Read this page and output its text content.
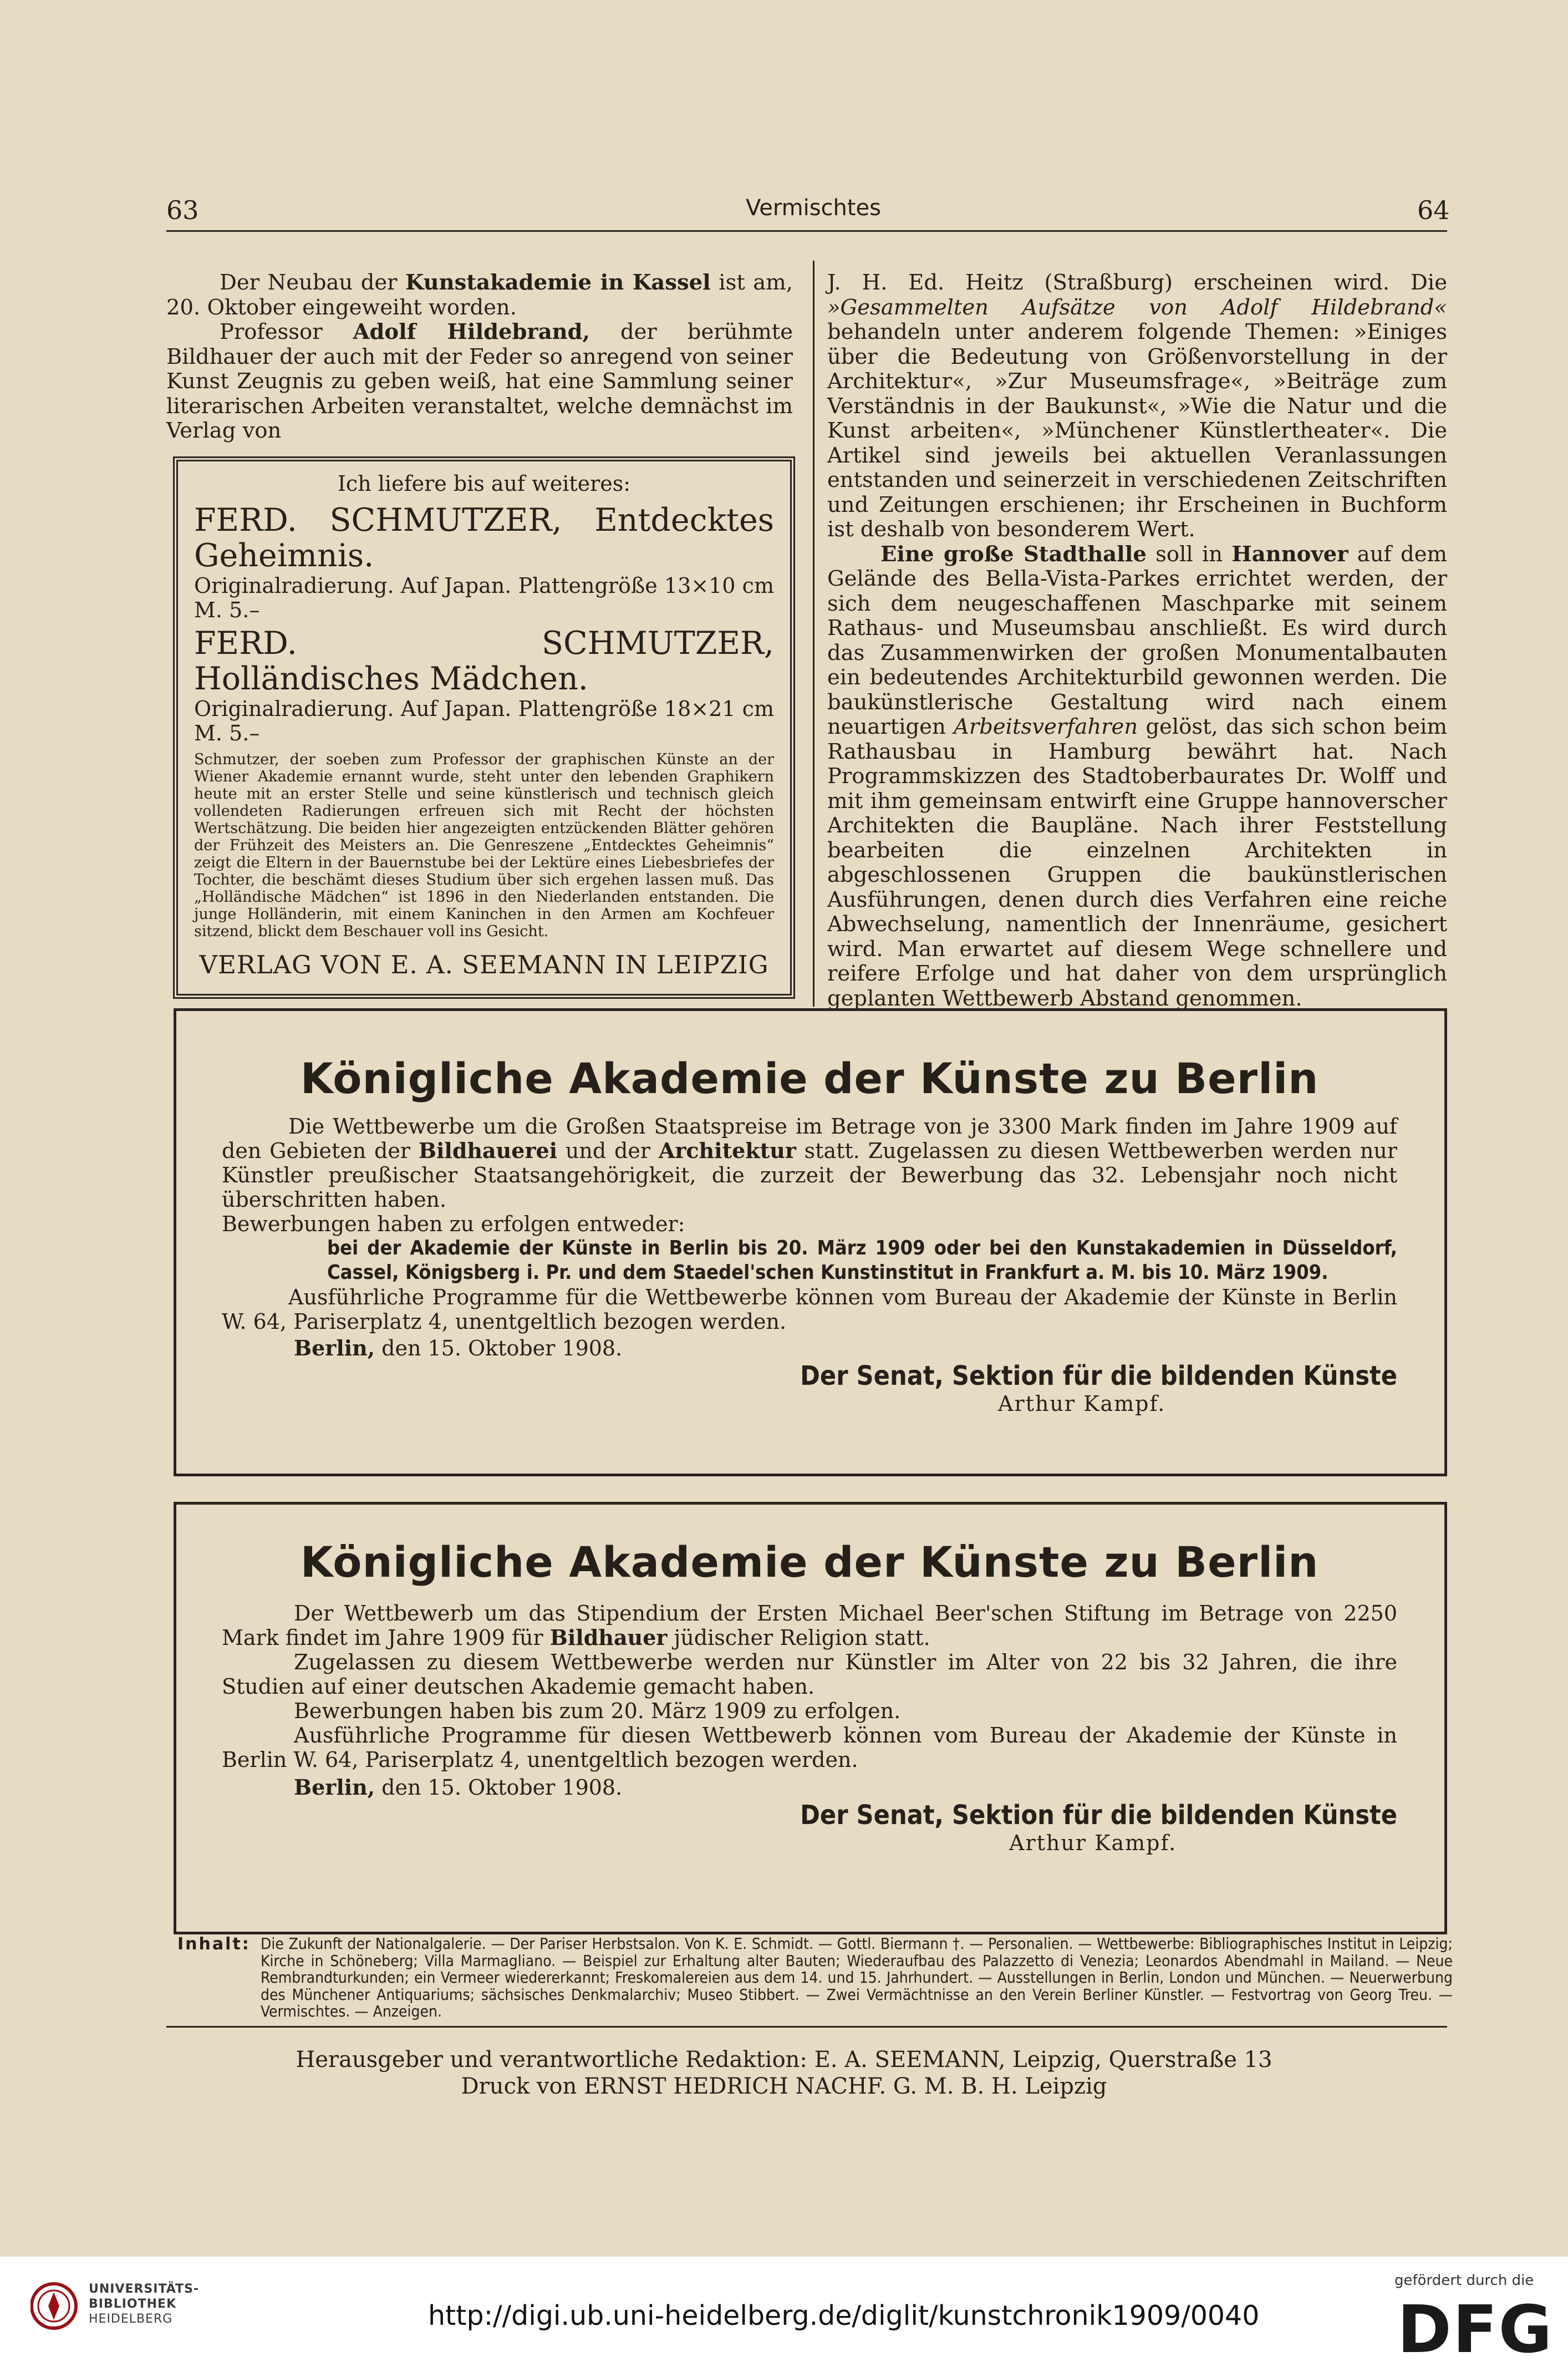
63	Vermischtes	64

Der Neubau der Kunstakademie in Kassel ist am, 20. Oktober eingeweiht worden.

Professor Adolf Hildebrand, der berühmte Bildhauer der auch mit der Feder so anregend von seiner Kunst Zeugnis zu geben weiß, hat eine Sammlung seiner literarischen Arbeiten veranstaltet, welche demnächst im Verlag von

Ich liefere bis auf weiteres:
FERD. SCHMUTZER, Entdecktes Geheimnis.
Originalradierung. Auf Japan. Plattengröße 13×10 cm M. 5.–
FERD. SCHMUTZER, Holländisches Mädchen.
Originalradierung. Auf Japan. Plattengröße 18×21 cm M. 5.–
Schmutzer, der soeben zum Professor der graphischen Künste an der Wiener Akademie ernannt wurde, steht unter den lebenden Graphikern heute mit an erster Stelle und seine künstlerisch und technisch gleich vollendeten Radierungen erfreuen sich mit Recht der höchsten Wertschätzung. Die beiden hier angezeigten entzückenden Blätter gehören der Frühzeit des Meisters an. Die Genreszene „Entdecktes Geheimnis“ zeigt die Eltern in der Bauernstube bei der Lektüre eines Liebesbriefes der Tochter, die beschämt dieses Studium über sich ergehen lassen muß. Das „Holländische Mädchen“ ist 1896 in den Niederlanden entstanden. Die junge Holländerin, mit einem Kaninchen in den Armen am Kochfeuer sitzend, blickt dem Beschauer voll ins Gesicht.
VERLAG VON E. A. SEEMANN IN LEIPZIG

J. H. Ed. Heitz (Straßburg) erscheinen wird. Die »Gesammelten Aufsätze von Adolf Hildebrand« behandeln unter anderem folgende Themen: »Einiges über die Bedeutung von Größenvorstellung in der Architektur«, »Zur Museumsfrage«, »Beiträge zum Verständnis in der Baukunst«, »Wie die Natur und die Kunst arbeiten«, »Münchener Künstlertheater«. Die Artikel sind jeweils bei aktuellen Veranlassungen entstanden und seinerzeit in verschiedenen Zeitschriften und Zeitungen erschienen; ihr Erscheinen in Buchform ist deshalb von besonderem Wert.

Eine große Stadthalle soll in Hannover auf dem Gelände des Bella-Vista-Parkes errichtet werden, der sich dem neugeschaffenen Maschparke mit seinem Rathaus- und Museumsbau anschließt. Es wird durch das Zusammenwirken der großen Monumentalbauten ein bedeutendes Architekturbild gewonnen werden. Die baukünstlerische Gestaltung wird nach einem neuartigen Arbeitsverfahren gelöst, das sich schon beim Rathausbau in Hamburg bewährt hat. Nach Programmskizzen des Stadtoberbaurates Dr. Wolff und mit ihm gemeinsam entwirft eine Gruppe hannoverscher Architekten die Baupläne. Nach ihrer Feststellung bearbeiten die einzelnen Architekten in abgeschlossenen Gruppen die baukünstlerischen Ausführungen, denen durch dies Verfahren eine reiche Abwechselung, namentlich der Innenräume, gesichert wird. Man erwartet auf diesem Wege schnellere und reifere Erfolge und hat daher von dem ursprünglich geplanten Wettbewerb Abstand genommen.

Königliche Akademie der Künste zu Berlin
Die Wettbewerbe um die Großen Staatspreise im Betrage von je 3300 Mark finden im Jahre 1909 auf den Gebieten der Bildhauerei und der Architektur statt. Zugelassen zu diesen Wettbewerben werden nur Künstler preußischer Staatsangehörigkeit, die zurzeit der Bewerbung das 32. Lebensjahr noch nicht überschritten haben.
Bewerbungen haben zu erfolgen entweder:
bei der Akademie der Künste in Berlin bis 20. März 1909 oder bei den Kunstakademien in Düsseldorf, Cassel, Königsberg i. Pr. und dem Staedel'schen Kunstinstitut in Frankfurt a. M. bis 10. März 1909.
Ausführliche Programme für die Wettbewerbe können vom Bureau der Akademie der Künste in Berlin W. 64, Pariserplatz 4, unentgeltlich bezogen werden.
Berlin, den 15. Oktober 1908.
Der Senat, Sektion für die bildenden Künste
Arthur Kampf.
Königliche Akademie der Künste zu Berlin
Der Wettbewerb um das Stipendium der Ersten Michael Beer'schen Stiftung im Betrage von 2250 Mark findet im Jahre 1909 für Bildhauer jüdischer Religion statt.
Zugelassen zu diesem Wettbewerbe werden nur Künstler im Alter von 22 bis 32 Jahren, die ihre Studien auf einer deutschen Akademie gemacht haben.
Bewerbungen haben bis zum 20. März 1909 zu erfolgen.
Ausführliche Programme für diesen Wettbewerb können vom Bureau der Akademie der Künste in Berlin W. 64, Pariserplatz 4, unentgeltlich bezogen werden.
Berlin, den 15. Oktober 1908.
Der Senat, Sektion für die bildenden Künste
Arthur Kampf.
Inhalt: Die Zukunft der Nationalgalerie. — Der Pariser Herbstsalon. Von K. E. Schmidt. — Gottl. Biermann †. — Personalien. — Wettbewerbe: Bibliographisches Institut in Leipzig; Kirche in Schöneberg; Villa Marmagliano. — Beispiel zur Erhaltung alter Bauten; Wiederaufbau des Palazzetto di Venezia; Leonardos Abendmahl in Mailand. — Neue Rembrandturkunden; ein Vermeer wiedererkannt; Freskomalereien aus dem 14. und 15. Jahrhundert. — Ausstellungen in Berlin, London und München. — Neuerwerbung des Münchener Antiquariums; sächsisches Denkmalarchiv; Museo Stibbert. — Zwei Vermächtnisse an den Verein Berliner Künstler. — Festvortrag von Georg Treu. — Vermischtes. — Anzeigen.
Herausgeber und verantwortliche Redaktion: E. A. SEEMANN, Leipzig, Querstraße 13
Druck von ERNST HEDRICH NACHF. G. M. B. H. Leipzig
UNIVERSITÄTS-
BIBLIOTHEK
HEIDELBERG	http://digi.ub.uni-heidelberg.de/diglit/kunstchronik1909/0040
gefördert durch die
DFG
